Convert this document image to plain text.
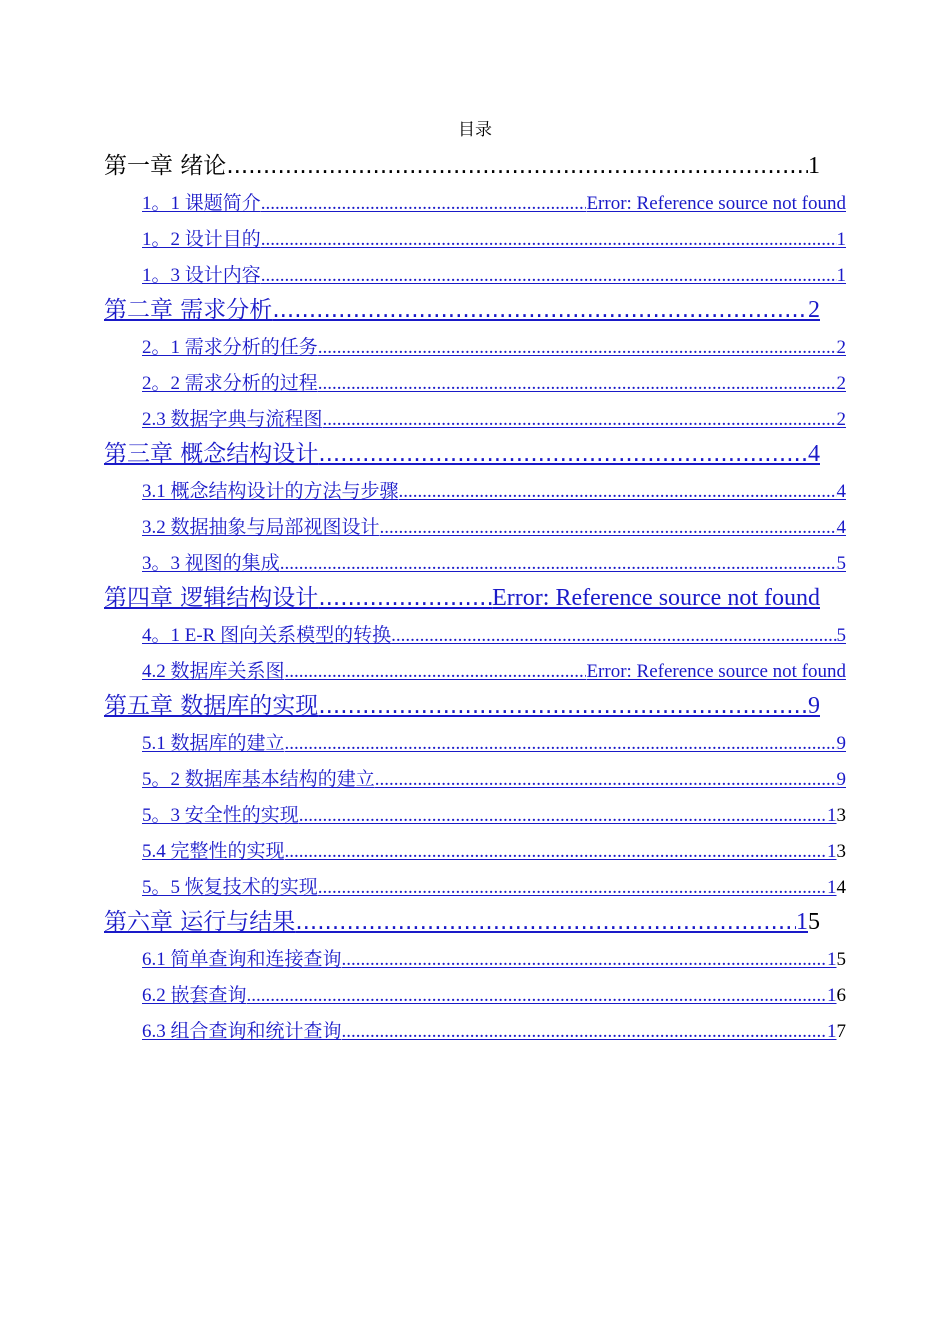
目录
第一章 绪论 .....	1
1。1 课题简介 .....	Error: Reference source not found
1。2 设计目的 .....	1
1。3 设计内容 .....	1
第二章 需求分析 .....	2
2。1 需求分析的任务 .....	2
2。2 需求分析的过程 .....	2
2.3 数据字典与流程图 .....	2
第三章 概念结构设计 .....	4
3.1 概念结构设计的方法与步骤 .....	4
3.2 数据抽象与局部视图设计 .....	4
3。3 视图的集成 .....	5
第四章 逻辑结构设计 .....	Error: Reference source not found
4。1 E-R 图向关系模型的转换 .....	5
4.2 数据库关系图 .....	Error: Reference source not found
第五章 数据库的实现 .....	9
5.1 数据库的建立 .....	9
5。2 数据库基本结构的建立 .....	9
5。3 安全性的实现 .....	1 3
5.4 完整性的实现 .....	1 3
5。5 恢复技术的实现 .....	1 4
第六章 运行与结果 .....	1 5
6.1 简单查询和连接查询 .....	1 5
6.2 嵌套查询 .....	1 6
6.3 组合查询和统计查询 .....	1 7
